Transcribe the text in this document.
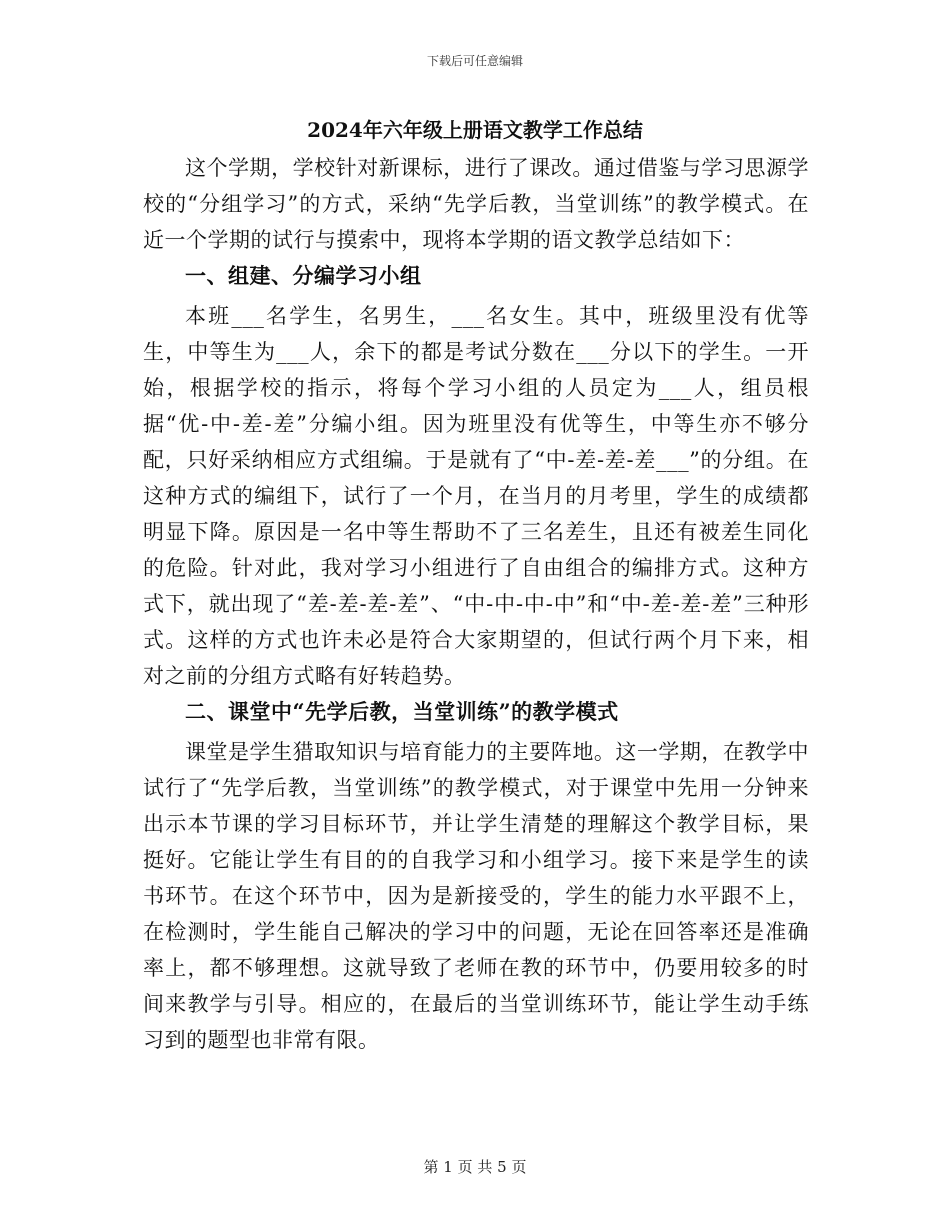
下载后可任意编辑
2024年六年级上册语文教学工作总结

这个学期，学校针对新课标，进行了课改。通过借鉴与学习思源学校的“分组学习”的方式，采纳“先学后教，当堂训练”的教学模式。在近一个学期的试行与摸索中，现将本学期的语文教学总结如下：

一、组建、分编学习小组

本班___名学生，名男生，___名女生。其中，班级里没有优等生，中等生为___人，余下的都是考试分数在___分以下的学生。一开始，根据学校的指示，将每个学习小组的人员定为___人，组员根据“优-中-差-差”分编小组。因为班里没有优等生，中等生亦不够分配，只好采纳相应方式组编。于是就有了“中-差-差-差___”的分组。在这种方式的编组下，试行了一个月，在当月的月考里，学生的成绩都明显下降。原因是一名中等生帮助不了三名差生，且还有被差生同化的危险。针对此，我对学习小组进行了自由组合的编排方式。这种方式下，就出现了“差-差-差-差”、“中-中-中-中”和“中-差-差-差”三种形式。这样的方式也许未必是符合大家期望的，但试行两个月下来，相对之前的分组方式略有好转趋势。

二、课堂中“先学后教，当堂训练”的教学模式

课堂是学生猎取知识与培育能力的主要阵地。这一学期，在教学中试行了“先学后教，当堂训练”的教学模式，对于课堂中先用一分钟来出示本节课的学习目标环节，并让学生清楚的理解这个教学目标，果挺好。它能让学生有目的的自我学习和小组学习。接下来是学生的读书环节。在这个环节中，因为是新接受的，学生的能力水平跟不上，在检测时，学生能自己解决的学习中的问题，无论在回答率还是准确率上，都不够理想。这就导致了老师在教的环节中，仍要用较多的时间来教学与引导。相应的，在最后的当堂训练环节，能让学生动手练习到的题型也非常有限。

第 1 页 共 5 页
